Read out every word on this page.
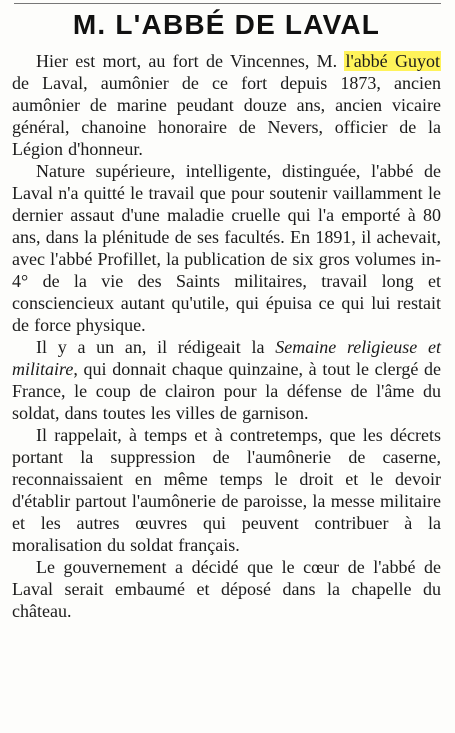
M. L'ABBÉ DE LAVAL

Hier est mort, au fort de Vincennes, M. l'abbé Guyot de Laval, aumônier de ce fort depuis 1873, ancien aumônier de marine peudant douze ans, ancien vicaire général, chanoine honoraire de Nevers, officier de la Légion d'honneur.

Nature supérieure, intelligente, distinguée, l'abbé de Laval n'a quitté le travail que pour soutenir vaillamment le dernier assaut d'une maladie cruelle qui l'a emporté à 80 ans, dans la plénitude de ses facultés. En 1891, il achevait, avec l'abbé Profillet, la publication de six gros volumes in-4° de la vie des Saints militaires, travail long et consciencieux autant qu'utile, qui épuisa ce qui lui restait de force physique.

Il y a un an, il rédigeait la Semaine religieuse et militaire, qui donnait chaque quinzaine, à tout le clergé de France, le coup de clairon pour la défense de l'âme du soldat, dans toutes les villes de garnison.

Il rappelait, à temps et à contretemps, que les décrets portant la suppression de l'aumônerie de caserne, reconnaissaient en même temps le droit et le devoir d'établir partout l'aumônerie de paroisse, la messe militaire et les autres œuvres qui peuvent contribuer à la moralisation du soldat français.

Le gouvernement a décidé que le cœur de l'abbé de Laval serait embaumé et déposé dans la chapelle du château.
